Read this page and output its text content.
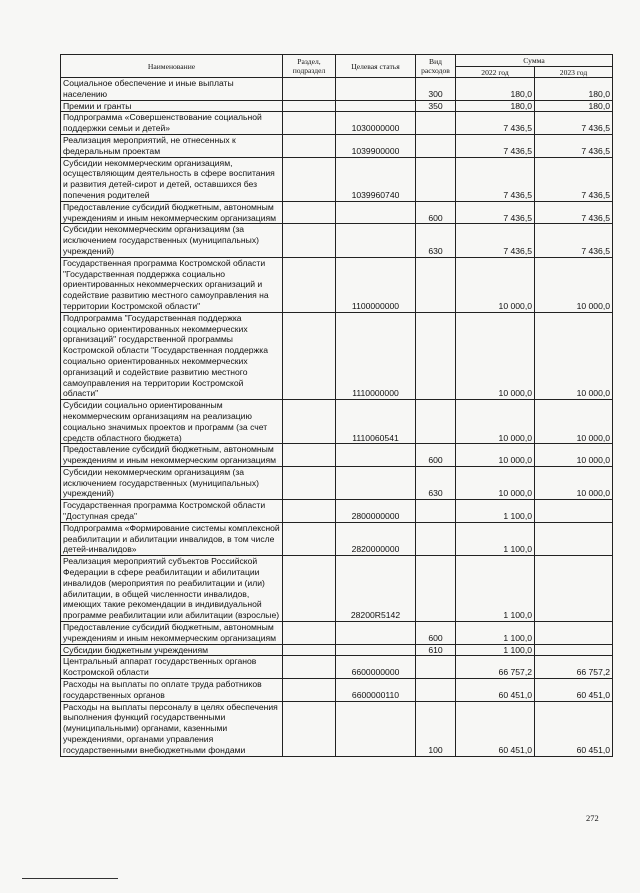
Наименование	Раздел, подраздел	Целевая статья	Вид расходов	Сумма	
				2022 год	2023 год
Социальное обеспечение и иные выплаты населению			300	180,0	180,0
Премии и гранты			350	180,0	180,0
Подпрограмма «Совершенствование социальной поддержки семьи и детей»		1030000000		7 436,5	7 436,5
Реализация мероприятий, не отнесенных к федеральным проектам		1039900000		7 436,5	7 436,5
Субсидии некоммерческим организациям, осуществляющим деятельность в сфере воспитания и развития детей-сирот и детей, оставшихся без попечения родителей		1039960740		7 436,5	7 436,5
Предоставление субсидий бюджетным, автономным учреждениям и иным некоммерческим организациям			600	7 436,5	7 436,5
Субсидии некоммерческим организациям (за исключением государственных (муниципальных) учреждений)			630	7 436,5	7 436,5
Государственная программа Костромской области "Государственная поддержка социально ориентированных некоммерческих организаций и содействие развитию местного самоуправления на территории Костромской области"		1100000000		10 000,0	10 000,0
Подпрограмма "Государственная поддержка социально ориентированных некоммерческих организаций" государственной программы Костромской области "Государственная поддержка социально ориентированных некоммерческих организаций и содействие развитию местного самоуправления на территории Костромской области"		1110000000		10 000,0	10 000,0
Субсидии социально ориентированным некоммерческим организациям на реализацию социально значимых проектов и программ (за счет средств областного бюджета)		1110060541		10 000,0	10 000,0
Предоставление субсидий бюджетным, автономным учреждениям и иным некоммерческим организациям			600	10 000,0	10 000,0
Субсидии некоммерческим организациям (за исключением государственных (муниципальных) учреждений)			630	10 000,0	10 000,0
Государственная программа Костромской области "Доступная среда"		2800000000		1 100,0	
Подпрограмма «Формирование системы комплексной реабилитации и абилитации инвалидов, в том числе детей-инвалидов»		2820000000		1 100,0	
Реализация мероприятий субъектов Российской Федерации в сфере реабилитации и абилитации инвалидов (мероприятия по реабилитации и (или) абилитации, в общей численности инвалидов, имеющих такие рекомендации в индивидуальной программе реабилитации или абилитации (взрослые)		28200R5142		1 100,0	
Предоставление субсидий бюджетным, автономным учреждениям и иным некоммерческим организациям			600	1 100,0	
Субсидии бюджетным учреждениям			610	1 100,0	
Центральный аппарат государственных органов Костромской области		6600000000		66 757,2	66 757,2
Расходы на выплаты по оплате труда работников государственных органов		6600000110		60 451,0	60 451,0
Расходы на выплаты персоналу в целях обеспечения выполнения функций государственными (муниципальными) органами, казенными учреждениями, органами управления государственными внебюджетными фондами			100	60 451,0	60 451,0
272
